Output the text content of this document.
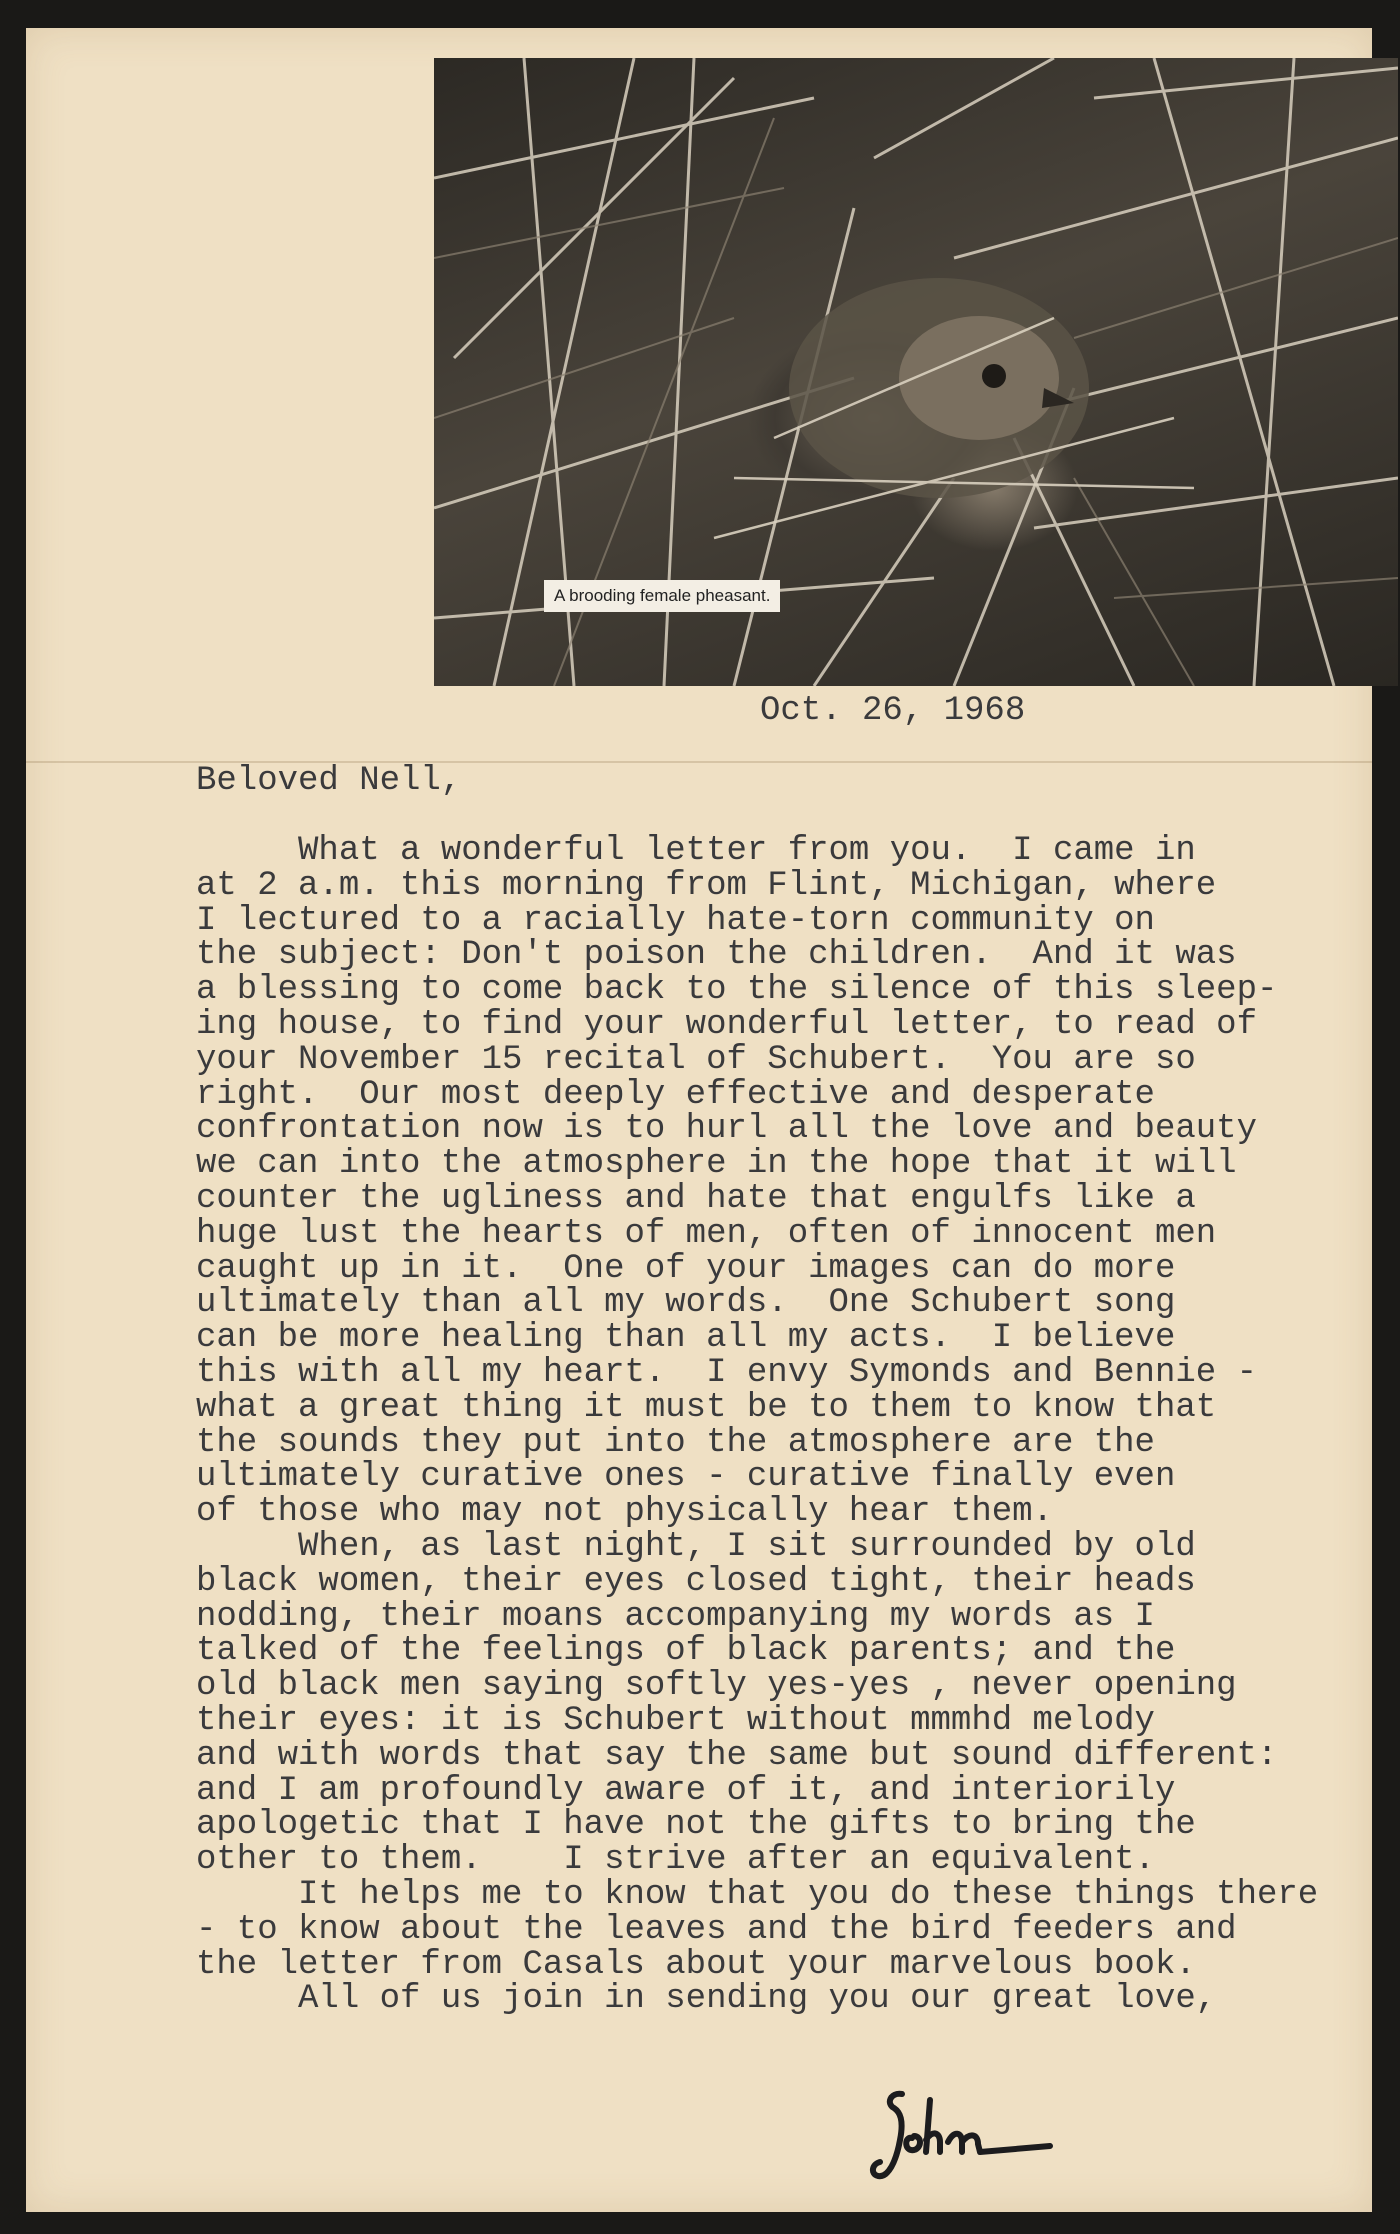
A brooding female pheasant.
Oct. 26, 1968
Beloved Nell,
What a wonderful letter from you.  I came in
at 2 a.m. this morning from Flint, Michigan, where
I lectured to a racially hate-torn community on
the subject: Don't poison the children.  And it was
a blessing to come back to the silence of this sleep-
ing house, to find your wonderful letter, to read of
your November 15 recital of Schubert.  You are so
right.  Our most deeply effective and desperate
confrontation now is to hurl all the love and beauty
we can into the atmosphere in the hope that it will
counter the ugliness and hate that engulfs like a
huge lust the hearts of men, often of innocent men
caught up in it.  One of your images can do more
ultimately than all my words.  One Schubert song
can be more healing than all my acts.  I believe
this with all my heart.  I envy Symonds and Bennie -
what a great thing it must be to them to know that
the sounds they put into the atmosphere are the
ultimately curative ones - curative finally even
of those who may not physically hear them.
When, as last night, I sit surrounded by old
black women, their eyes closed tight, their heads
nodding, their moans accompanying my words as I
talked of the feelings of black parents; and the
old black men saying softly yes-yes , never opening
their eyes: it is Schubert without mmmhd melody
and with words that say the same but sound different:
and I am profoundly aware of it, and interiorily
apologetic that I have not the gifts to bring the
other to them.    I strive after an equivalent.
It helps me to know that you do these things there
- to know about the leaves and the bird feeders and
the letter from Casals about your marvelous book.
All of us join in sending you our great love,
